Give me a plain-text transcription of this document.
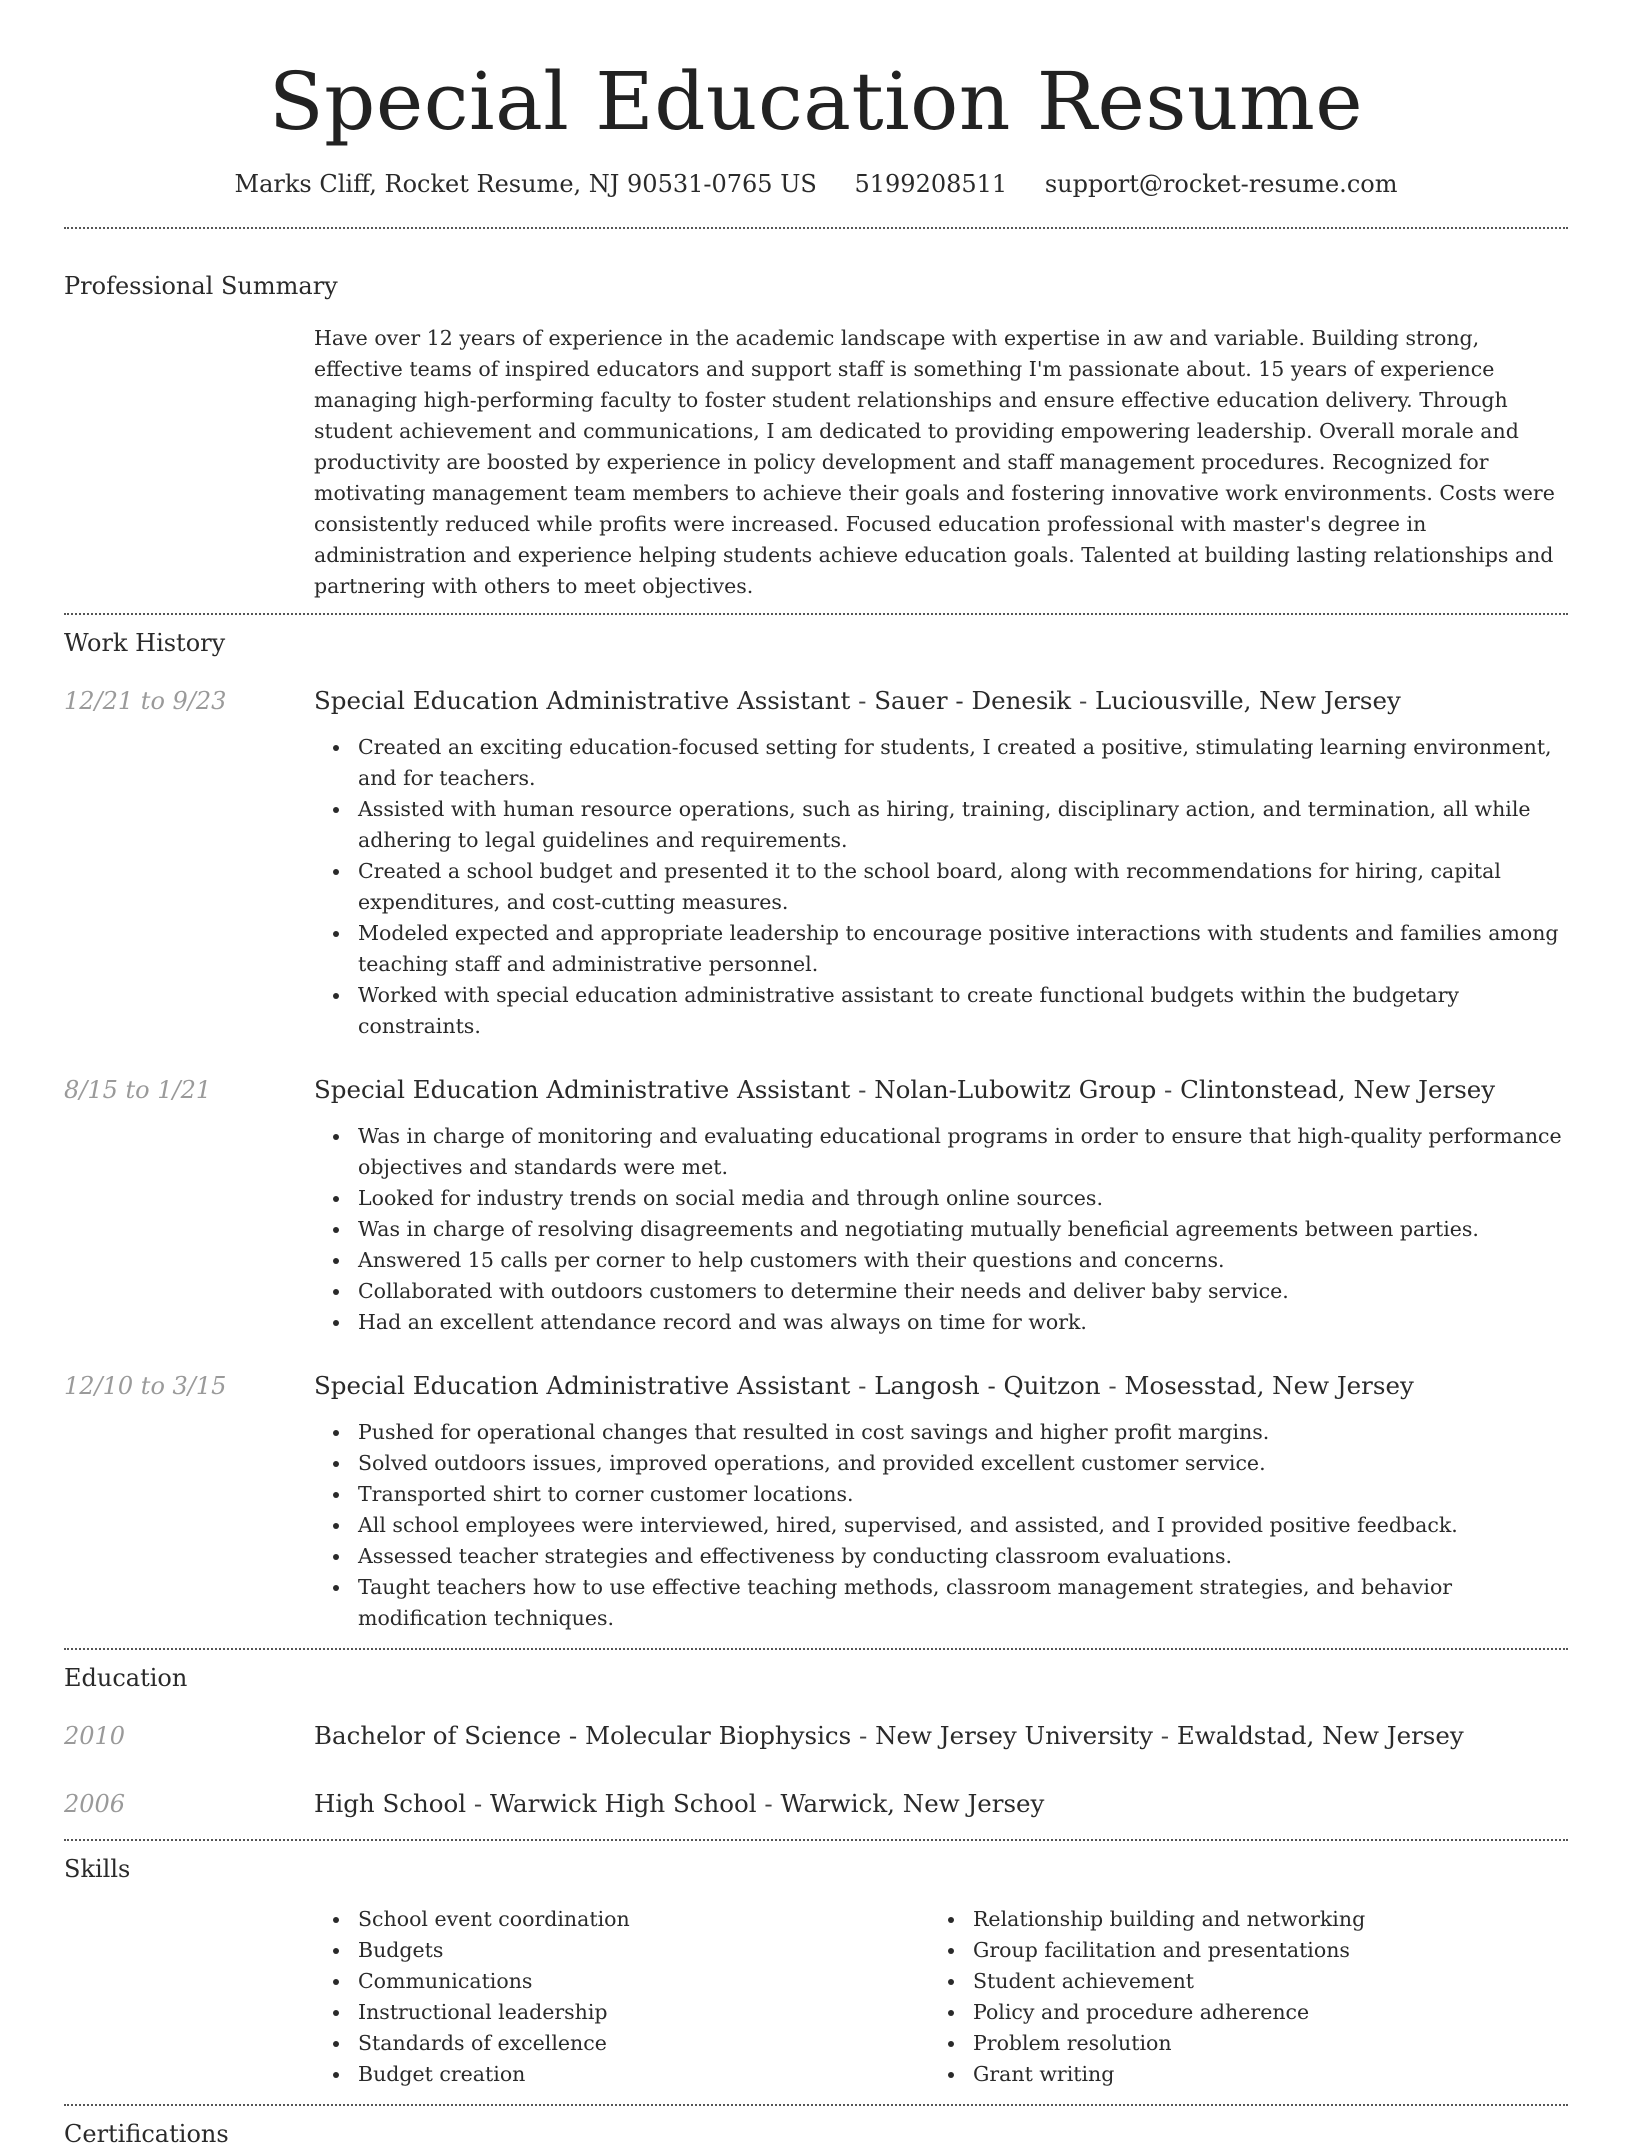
Special Education Resume
Marks Cliff, Rocket Resume, NJ 90531-0765 US 5199208511 support@rocket-resume.com
Professional Summary

Have over 12 years of experience in the academic landscape with expertise in aw and variable. Building strong, effective teams of inspired educators and support staff is something I'm passionate about. 15 years of experience managing high-performing faculty to foster student relationships and ensure effective education delivery. Through student achievement and communications, I am dedicated to providing empowering leadership. Overall morale and productivity are boosted by experience in policy development and staff management procedures. Recognized for motivating management team members to achieve their goals and fostering innovative work environments. Costs were consistently reduced while profits were increased. Focused education professional with master's degree in administration and experience helping students achieve education goals. Talented at building lasting relationships and partnering with others to meet objectives.

Work History
12/21 to 9/23	Special Education Administrative Assistant - Sauer - Denesik - Luciousville, New Jersey
Created an exciting education-focused setting for students, I created a positive, stimulating learning environment, and for teachers.
Assisted with human resource operations, such as hiring, training, disciplinary action, and termination, all while adhering to legal guidelines and requirements.
Created a school budget and presented it to the school board, along with recommendations for hiring, capital expenditures, and cost-cutting measures.
Modeled expected and appropriate leadership to encourage positive interactions with students and families among teaching staff and administrative personnel.
Worked with special education administrative assistant to create functional budgets within the budgetary constraints.
8/15 to 1/21	Special Education Administrative Assistant - Nolan-Lubowitz Group - Clintonstead, New Jersey
Was in charge of monitoring and evaluating educational programs in order to ensure that high-quality performance objectives and standards were met.
Looked for industry trends on social media and through online sources.
Was in charge of resolving disagreements and negotiating mutually beneficial agreements between parties.
Answered 15 calls per corner to help customers with their questions and concerns.
Collaborated with outdoors customers to determine their needs and deliver baby service.
Had an excellent attendance record and was always on time for work.
12/10 to 3/15	Special Education Administrative Assistant - Langosh - Quitzon - Mosesstad, New Jersey
Pushed for operational changes that resulted in cost savings and higher profit margins.
Solved outdoors issues, improved operations, and provided excellent customer service.
Transported shirt to corner customer locations.
All school employees were interviewed, hired, supervised, and assisted, and I provided positive feedback.
Assessed teacher strategies and effectiveness by conducting classroom evaluations.
Taught teachers how to use effective teaching methods, classroom management strategies, and behavior modification techniques.
Education
2010	Bachelor of Science - Molecular Biophysics - New Jersey University - Ewaldstad, New Jersey
2006	High School - Warwick High School - Warwick, New Jersey
Skills
School event coordination
Budgets
Communications
Instructional leadership
Standards of excellence
Budget creation
Relationship building and networking
Group facilitation and presentations
Student achievement
Policy and procedure adherence
Problem resolution
Grant writing
Certifications
